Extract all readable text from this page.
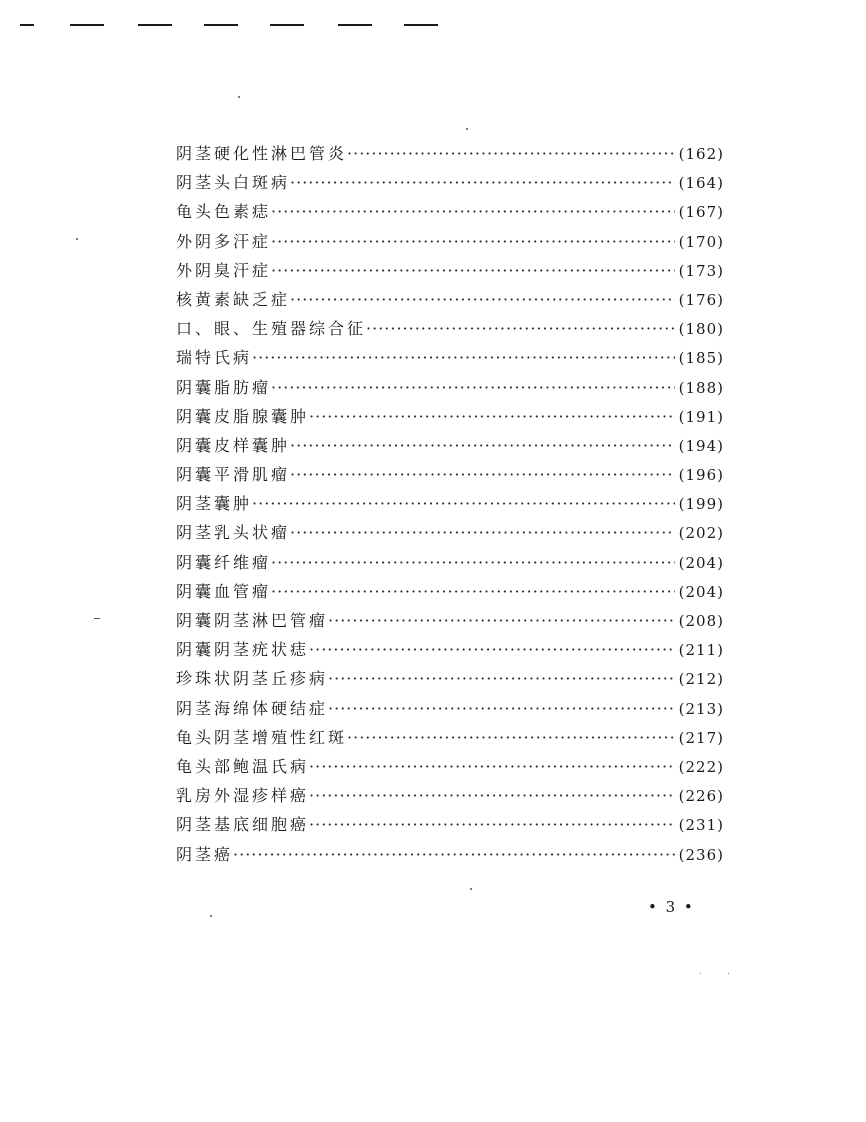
阴茎硬化性淋巴管炎 ·····	(162)
阴茎头白斑病 ·····	(164)
龟头色素痣 ·····	(167)
外阴多汗症 ·····	(170)
外阴臭汗症 ·····	(173)
核黄素缺乏症 ·····	(176)
口、眼、生殖器综合征 ·····	(180)
瑞特氏病 ·····	(185)
阴囊脂肪瘤 ·····	(188)
阴囊皮脂腺囊肿 ·····	(191)
阴囊皮样囊肿 ·····	(194)
阴囊平滑肌瘤 ·····	(196)
阴茎囊肿 ·····	(199)
阴茎乳头状瘤 ·····	(202)
阴囊纤维瘤 ·····	(204)
阴囊血管瘤 ·····	(204)
阴囊阴茎淋巴管瘤 ·····	(208)
阴囊阴茎疣状痣 ·····	(211)
珍珠状阴茎丘疹病 ·····	(212)
阴茎海绵体硬结症 ·····	(213)
龟头阴茎增殖性红斑 ·····	(217)
龟头部鲍温氏病 ·····	(222)
乳房外湿疹样癌 ·····	(226)
阴茎基底细胞癌 ·····	(231)
阴茎癌 ·····	(236)
• 3 •
